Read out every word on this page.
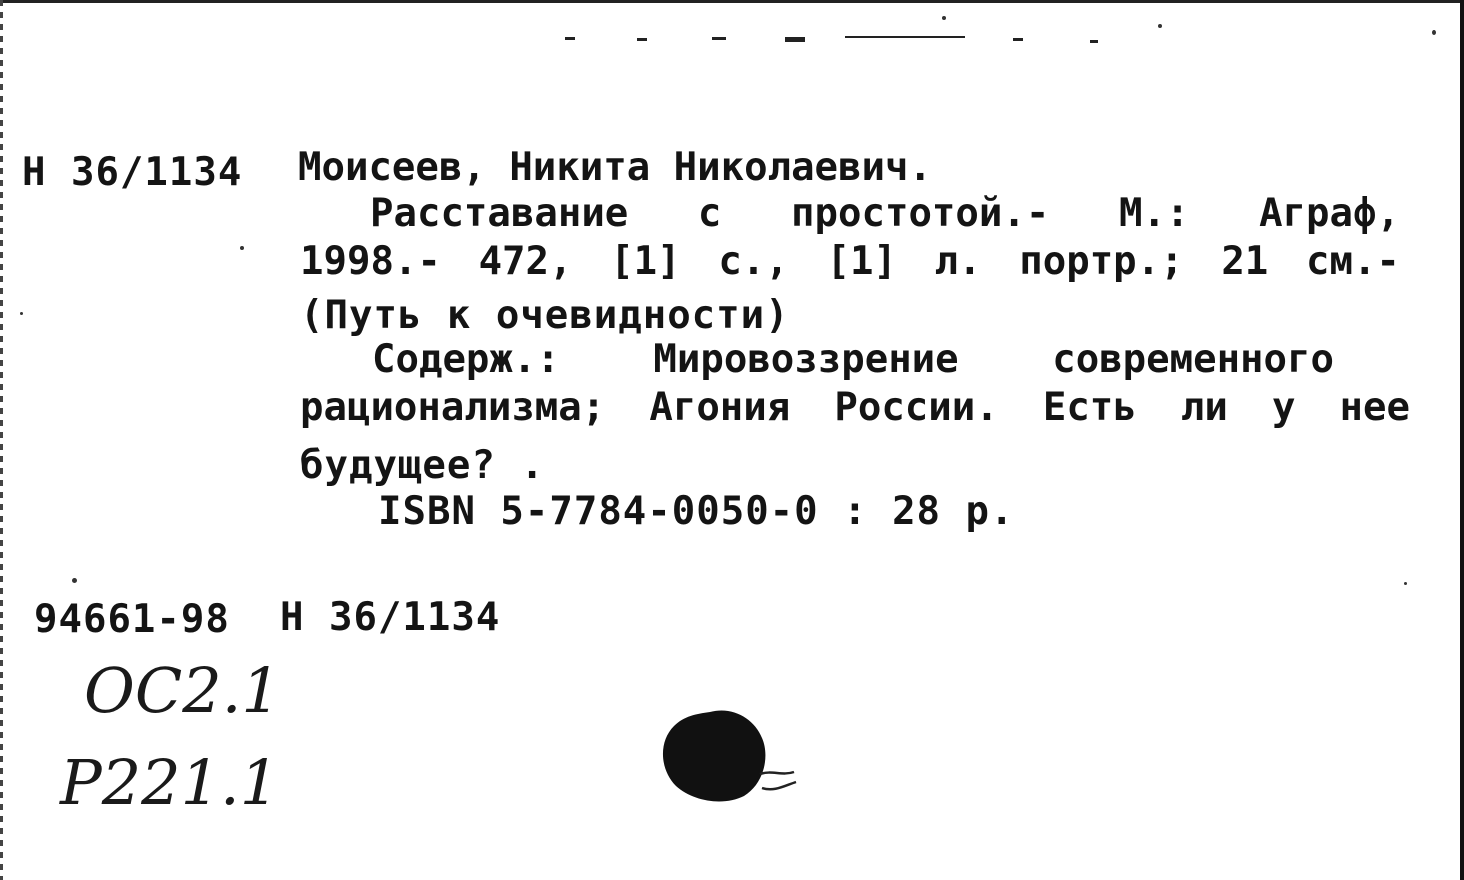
Н 36/1134 Моисеев, Никита Николаевич.
Расставание с простотой.- М.: Аграф,
1998.- 472, [1] с., [1] л. портр.; 21 см.-
(Путь к очевидности)
Содерж.: Мировоззрение современного
рационализма; Агония России. Есть ли у нее
будущее? .
ISBN 5-7784-0050-0 : 28 р.
94661-98 Н 36/1134
ОС2.1
Р221.1
